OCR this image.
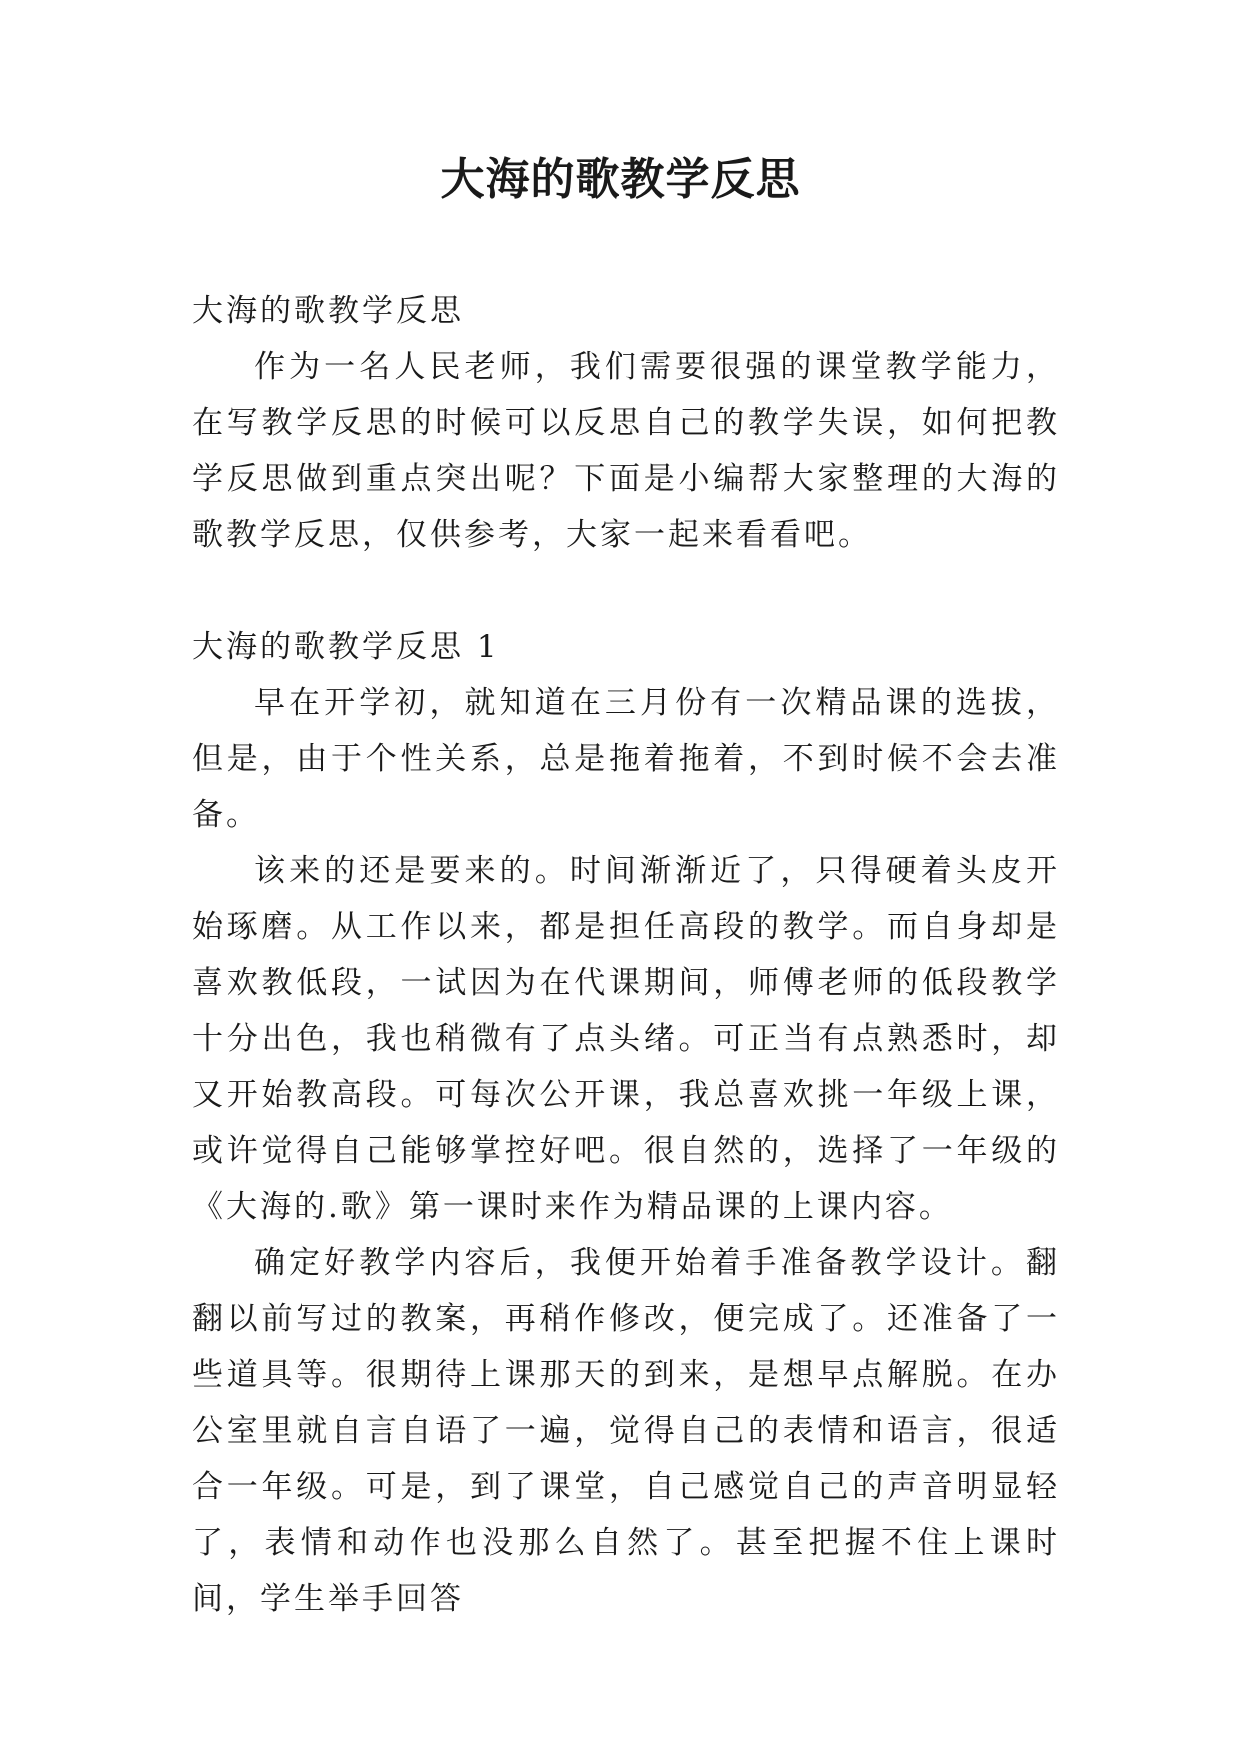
大海的歌教学反思
大海的歌教学反思

作为一名人民老师，我们需要很强的课堂教学能力，在写教学反思的时候可以反思自己的教学失误，如何把教学反思做到重点突出呢？下面是小编帮大家整理的大海的歌教学反思，仅供参考，大家一起来看看吧。

大海的歌教学反思 1

早在开学初，就知道在三月份有一次精品课的选拔，但是，由于个性关系，总是拖着拖着，不到时候不会去准备。

该来的还是要来的。时间渐渐近了，只得硬着头皮开始琢磨。从工作以来，都是担任高段的教学。而自身却是喜欢教低段，一试因为在代课期间，师傅老师的低段教学十分出色，我也稍微有了点头绪。可正当有点熟悉时，却又开始教高段。可每次公开课，我总喜欢挑一年级上课，或许觉得自己能够掌控好吧。很自然的，选择了一年级的《大海的.歌》第一课时来作为精品课的上课内容。

确定好教学内容后，我便开始着手准备教学设计。翻翻以前写过的教案，再稍作修改，便完成了。还准备了一些道具等。很期待上课那天的到来，是想早点解脱。在办公室里就自言自语了一遍，觉得自己的表情和语言，很适合一年级。可是，到了课堂，自己感觉自己的声音明显轻了，表情和动作也没那么自然了。甚至把握不住上课时间，学生举手回答
